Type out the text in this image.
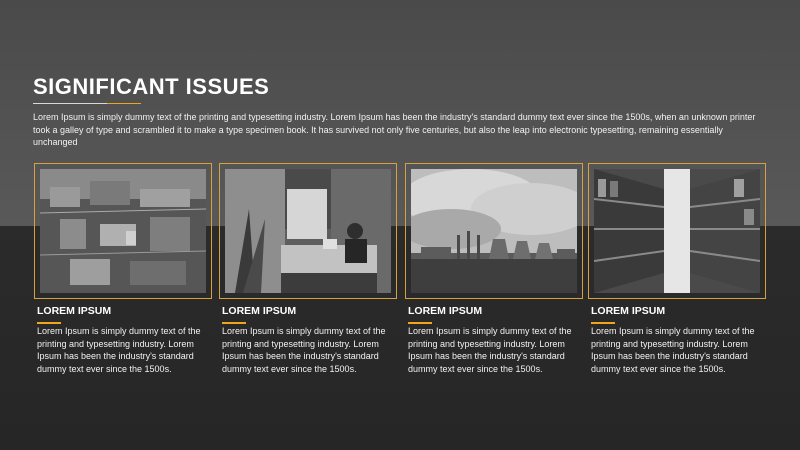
SIGNIFICANT ISSUES

Lorem Ipsum is simply dummy text of the printing and typesetting industry. Lorem Ipsum has been the industry's standard dummy text ever since the 1500s, when an unknown printer took a galley of type and scrambled it to make a type specimen book. It has survived not only five centuries, but also the leap into electronic typesetting, remaining essentially unchanged

LOREM IPSUM

Lorem Ipsum is simply dummy text of the printing and typesetting industry. Lorem Ipsum has been the industry's standard dummy text ever since the 1500s.

LOREM IPSUM

Lorem Ipsum is simply dummy text of the printing and typesetting industry. Lorem Ipsum has been the industry's standard dummy text ever since the 1500s.

LOREM IPSUM

Lorem Ipsum is simply dummy text of the printing and typesetting industry. Lorem Ipsum has been the industry's standard dummy text ever since the 1500s.

LOREM IPSUM

Lorem Ipsum is simply dummy text of the printing and typesetting industry. Lorem Ipsum has been the industry's standard dummy text ever since the 1500s.
